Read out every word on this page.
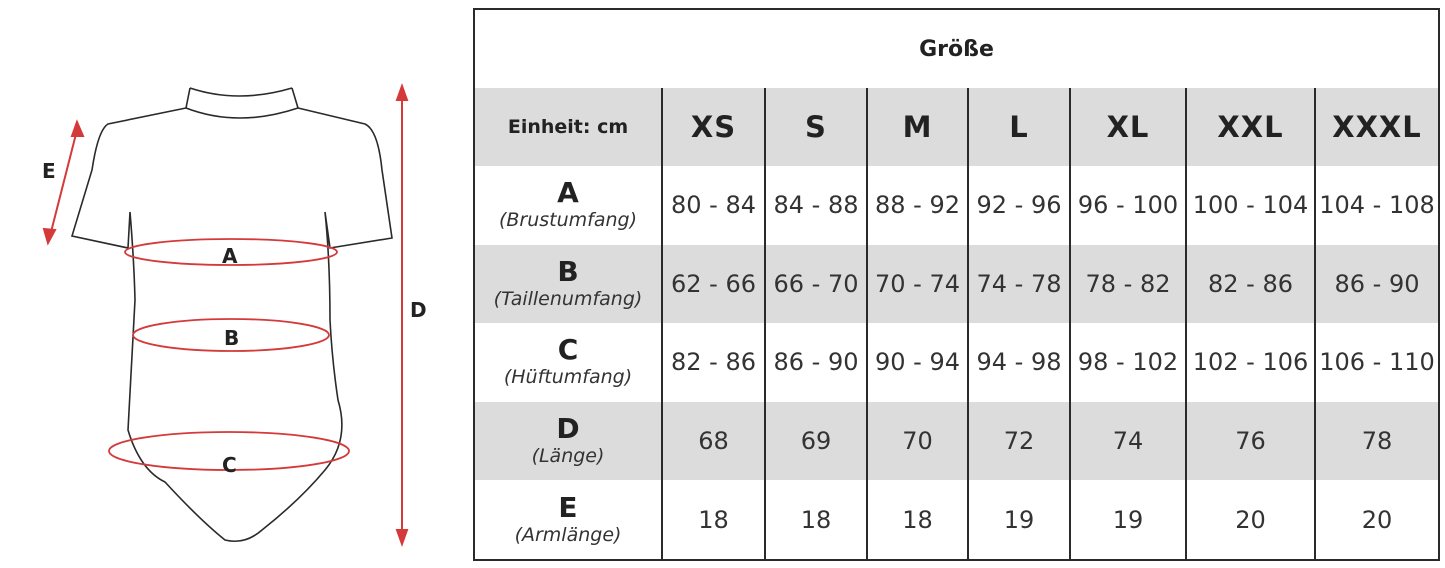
A
B
C
D
E
Größe							
Einheit: cm	XS	S	M	L	XL	XXL	XXXL

A
(Brustumfang)	80 - 84	84 - 88	88 - 92	92 - 96	96 - 100	100 - 104	104 - 108

B
(Taillenumfang)	62 - 66	66 - 70	70 - 74	74 - 78	78 - 82	82 - 86	86 - 90

C
(Hüftumfang)	82 - 86	86 - 90	90 - 94	94 - 98	98 - 102	102 - 106	106 - 110

D
(Länge)	68	69	70	72	74	76	78

E
(Armlänge)	18	18	18	19	19	20	20
